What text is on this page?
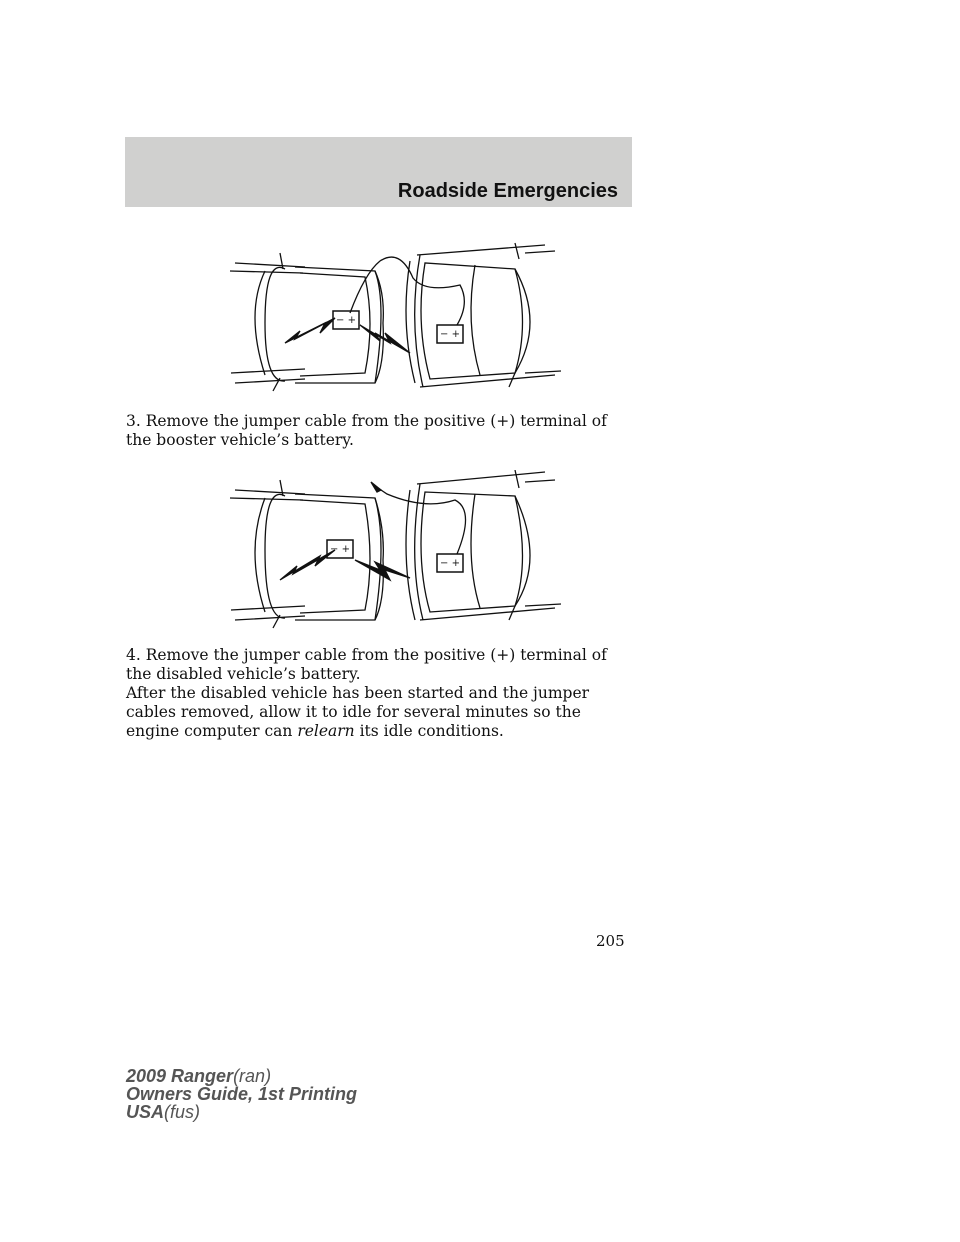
Roadside Emergencies
− +
− +

3. Remove the jumper cable from the positive (+) terminal of the booster vehicle’s battery.

− +
− +

4. Remove the jumper cable from the positive (+) terminal of the disabled vehicle’s battery.

After the disabled vehicle has been started and the jumper cables removed, allow it to idle for several minutes so the engine computer can relearn its idle conditions.

205
2009 Ranger(ran)
Owners Guide, 1st Printing
USA(fus)
